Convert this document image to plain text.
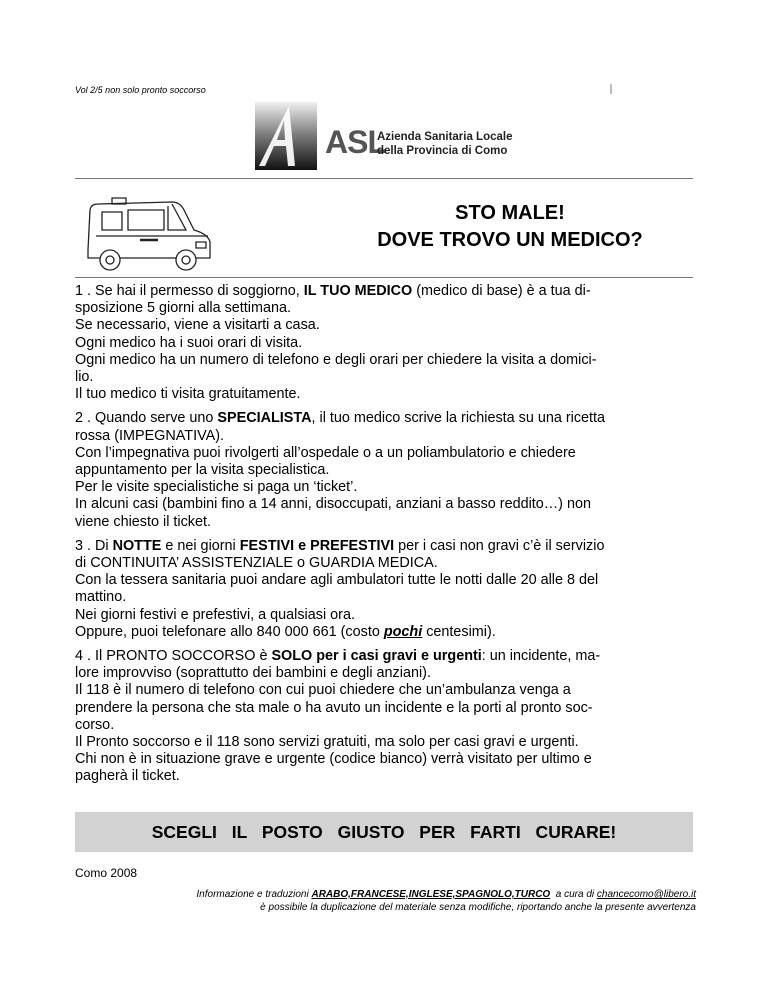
Vol 2/5 non solo pronto soccorso
ASL
Azienda Sanitaria Locale
della Provincia di Como
STO MALE!
DOVE TROVO UN MEDICO?
1 . Se hai il permesso di soggiorno, IL TUO MEDICO (medico di base) è a tua di-
sposizione 5 giorni alla settimana.
Se necessario, viene a visitarti a casa.
Ogni medico ha i suoi orari di visita.
Ogni medico ha un numero di telefono e degli orari per chiedere la visita a domici-
lio.
Il tuo medico ti visita gratuitamente.
2 . Quando serve uno SPECIALISTA, il tuo medico scrive la richiesta su una ricetta
rossa (IMPEGNATIVA).
Con l’impegnativa puoi rivolgerti all’ospedale o a un poliambulatorio e chiedere
appuntamento per la visita specialistica.
Per le visite specialistiche si paga un ‘ticket’.
In alcuni casi (bambini fino a 14 anni, disoccupati, anziani a basso reddito…) non
viene chiesto il ticket.
3 . Di NOTTE e nei giorni FESTIVI e PREFESTIVI per i casi non gravi c’è il servizio
di CONTINUITA’ ASSISTENZIALE o GUARDIA MEDICA.
Con la tessera sanitaria puoi andare agli ambulatori tutte le notti dalle 20 alle 8 del
mattino.
Nei giorni festivi e prefestivi, a qualsiasi ora.
Oppure, puoi telefonare allo 840 000 661 (costo pochi centesimi).
4 . Il PRONTO SOCCORSO è SOLO per i casi gravi e urgenti: un incidente, ma-
lore improvviso (soprattutto dei bambini e degli anziani).
Il 118 è il numero di telefono con cui puoi chiedere che un’ambulanza venga a
prendere la persona che sta male o ha avuto un incidente e la porti al pronto soc-
corso.
Il Pronto soccorso e il 118 sono servizi gratuiti, ma solo per casi gravi e urgenti.
Chi non è in situazione grave e urgente (codice bianco) verrà visitato per ultimo e
pagherà il ticket.
SCEGLI IL POSTO GIUSTO PER FARTI CURARE!
Como 2008
Informazione e traduzioni ARABO,FRANCESE,INGLESE,SPAGNOLO,TURCO  a cura di chancecomo@libero.it
è possibile la duplicazione del materiale senza modifiche, riportando anche la presente avvertenza
